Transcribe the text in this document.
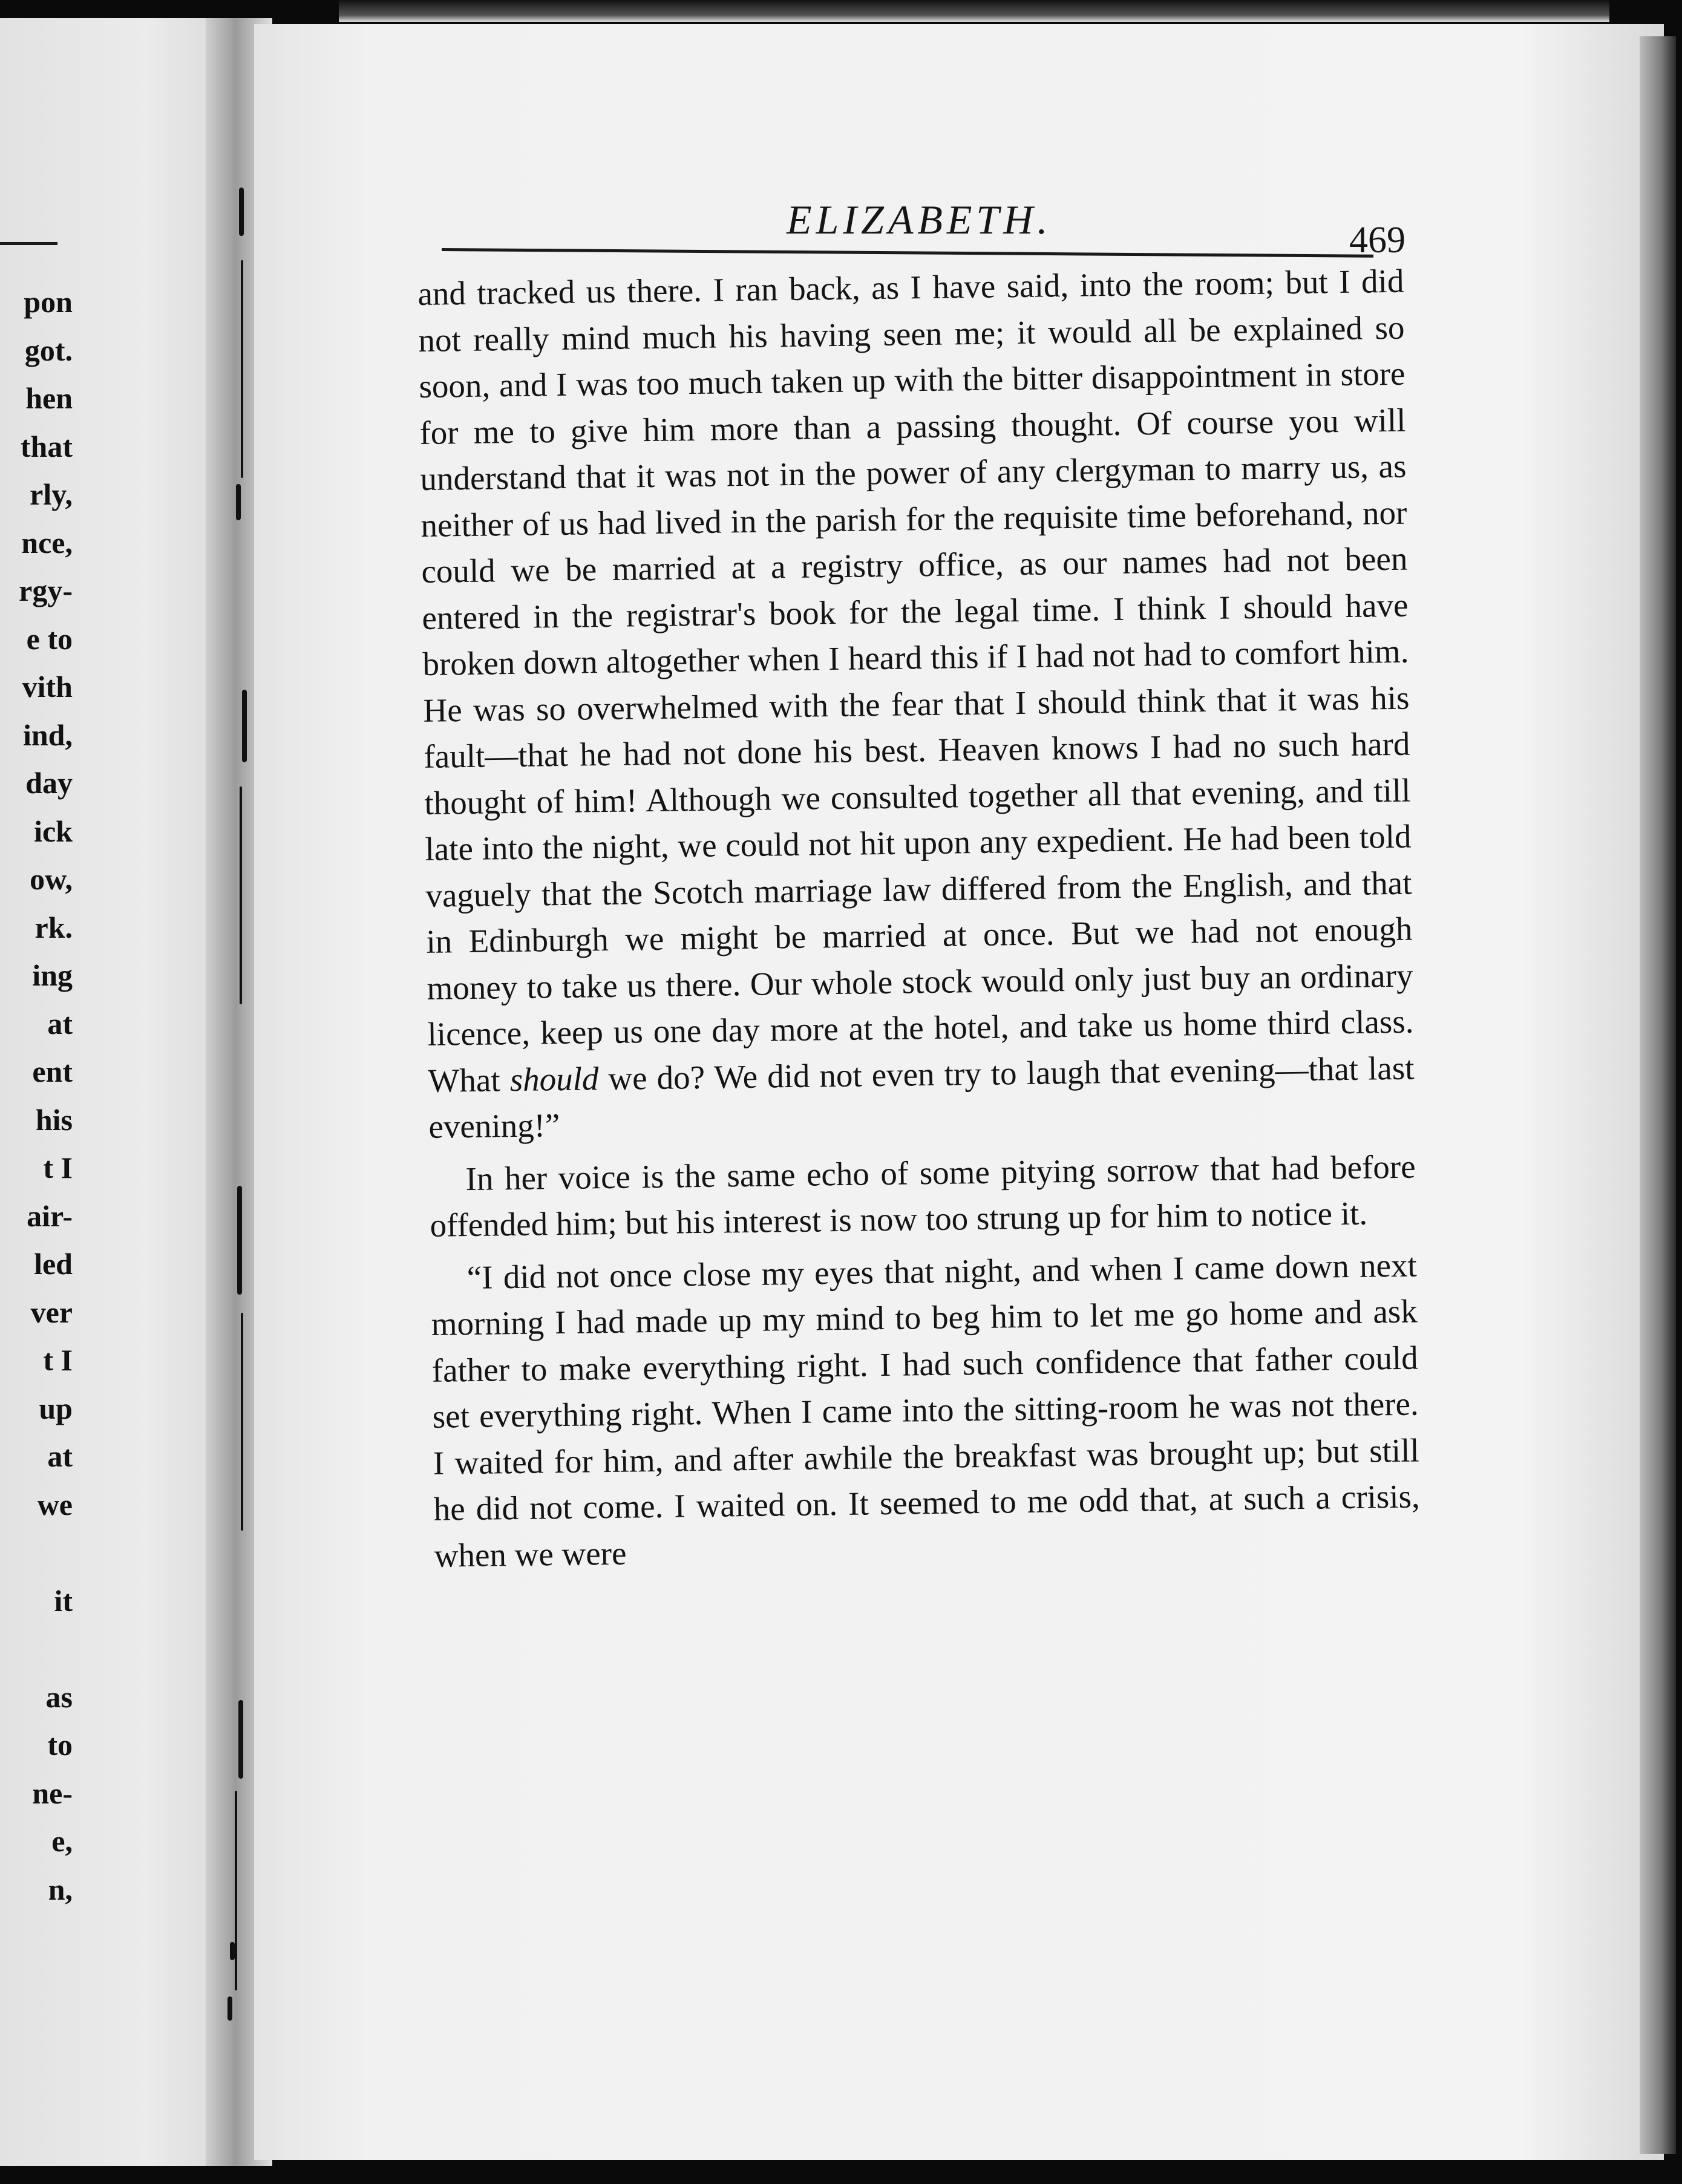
pon
got.
hen
that
rly,
nce,
rgy-
e to
vith
ind,
day
ick
ow,
rk.
ing
at
ent
his
t I
air-
led
ver
t I
up
at
we
it
as
to
ne-
e,
n,
ELIZABETH.	469

and tracked us there. I ran back, as I have said, into the room; but I did not really mind much his having seen me; it would all be explained so soon, and I was too much taken up with the bitter disappointment in store for me to give him more than a passing thought. Of course you will understand that it was not in the power of any clergyman to marry us, as neither of us had lived in the parish for the requisite time beforehand, nor could we be married at a registry office, as our names had not been entered in the registrar's book for the legal time. I think I should have broken down altogether when I heard this if I had not had to comfort him. He was so overwhelmed with the fear that I should think that it was his fault—that he had not done his best. Heaven knows I had no such hard thought of him! Although we consulted together all that evening, and till late into the night, we could not hit upon any expedient. He had been told vaguely that the Scotch marriage law differed from the English, and that in Edinburgh we might be married at once. But we had not enough money to take us there. Our whole stock would only just buy an ordinary licence, keep us one day more at the hotel, and take us home third class. What should we do? We did not even try to laugh that evening—that last evening!”

In her voice is the same echo of some pitying sorrow that had before offended him; but his interest is now too strung up for him to notice it.

“I did not once close my eyes that night, and when I came down next morning I had made up my mind to beg him to let me go home and ask father to make everything right. I had such confidence that father could set everything right. When I came into the sitting-room he was not there. I waited for him, and after awhile the breakfast was brought up; but still he did not come. I waited on. It seemed to me odd that, at such a crisis, when we were
